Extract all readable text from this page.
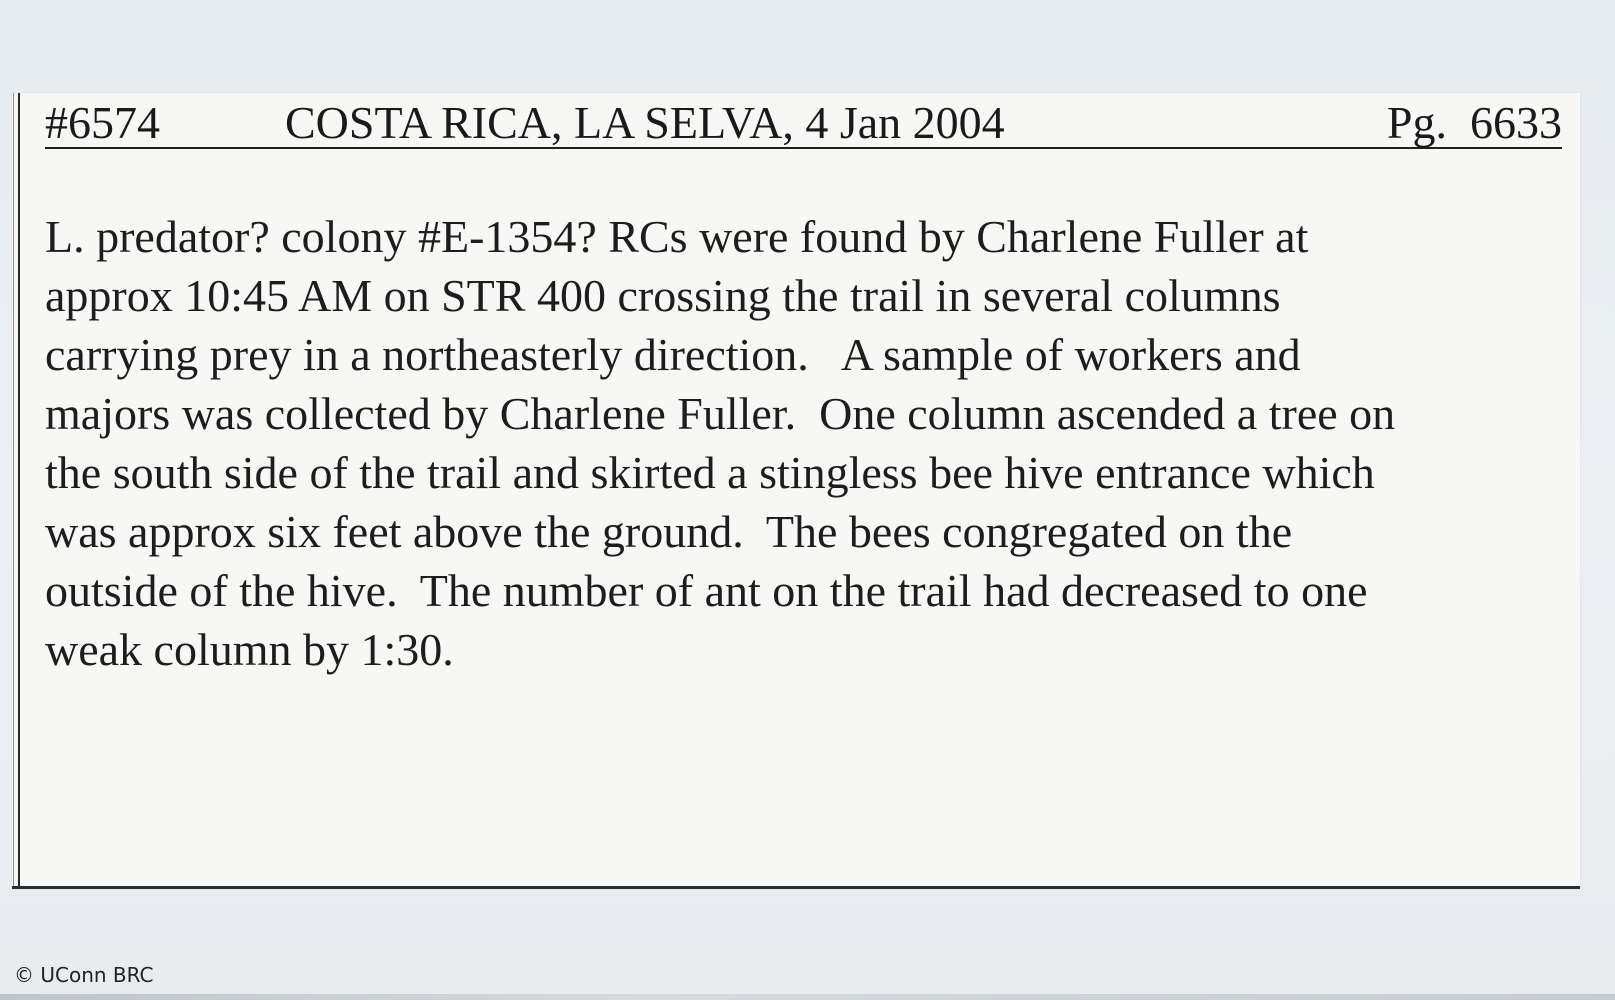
#6574	COSTA RICA, LA SELVA, 4 Jan 2004	Pg.  6633
L. predator? colony #E-1354? RCs were found by Charlene Fuller at
approx 10:45 AM on STR 400 crossing the trail in several columns
carrying prey in a northeasterly direction.   A sample of workers and
majors was collected by Charlene Fuller.  One column ascended a tree on
the south side of the trail and skirted a stingless bee hive entrance which
was approx six feet above the ground.  The bees congregated on the
outside of the hive.  The number of ant on the trail had decreased to one
weak column by 1:30.
© UConn BRC
